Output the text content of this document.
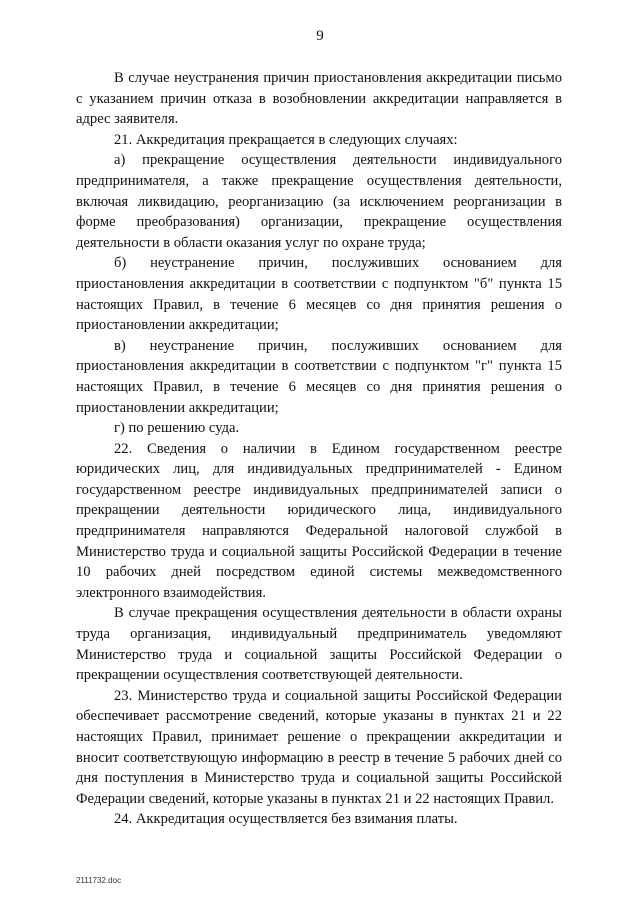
9

В случае неустранения причин приостановления аккредитации письмо с указанием причин отказа в возобновлении аккредитации направляется в адрес заявителя.

21. Аккредитация прекращается в следующих случаях:

а) прекращение осуществления деятельности индивидуального предпринимателя, а также прекращение осуществления деятельности, включая ликвидацию, реорганизацию (за исключением реорганизации в форме преобразования) организации, прекращение осуществления деятельности в области оказания услуг по охране труда;

б) неустранение причин, послуживших основанием для приостановления аккредитации в соответствии с подпунктом "б" пункта 15 настоящих Правил, в течение 6 месяцев со дня принятия решения о приостановлении аккредитации;

в) неустранение причин, послуживших основанием для приостановления аккредитации в соответствии с подпунктом "г" пункта 15 настоящих Правил, в течение 6 месяцев со дня принятия решения о приостановлении аккредитации;

г) по решению суда.

22. Сведения о наличии в Едином государственном реестре юридических лиц, для индивидуальных предпринимателей - Едином государственном реестре индивидуальных предпринимателей записи о прекращении деятельности юридического лица, индивидуального предпринимателя направляются Федеральной налоговой службой в Министерство труда и социальной защиты Российской Федерации в течение 10 рабочих дней посредством единой системы межведомственного электронного взаимодействия.

В случае прекращения осуществления деятельности в области охраны труда организация, индивидуальный предприниматель уведомляют Министерство труда и социальной защиты Российской Федерации о прекращении осуществления соответствующей деятельности.

23. Министерство труда и социальной защиты Российской Федерации обеспечивает рассмотрение сведений, которые указаны в пунктах 21 и 22 настоящих Правил, принимает решение о прекращении аккредитации и вносит соответствующую информацию в реестр в течение 5 рабочих дней со дня поступления в Министерство труда и социальной защиты Российской Федерации сведений, которые указаны в пунктах 21 и 22 настоящих Правил.

24. Аккредитация осуществляется без взимания платы.

2111732.doc
